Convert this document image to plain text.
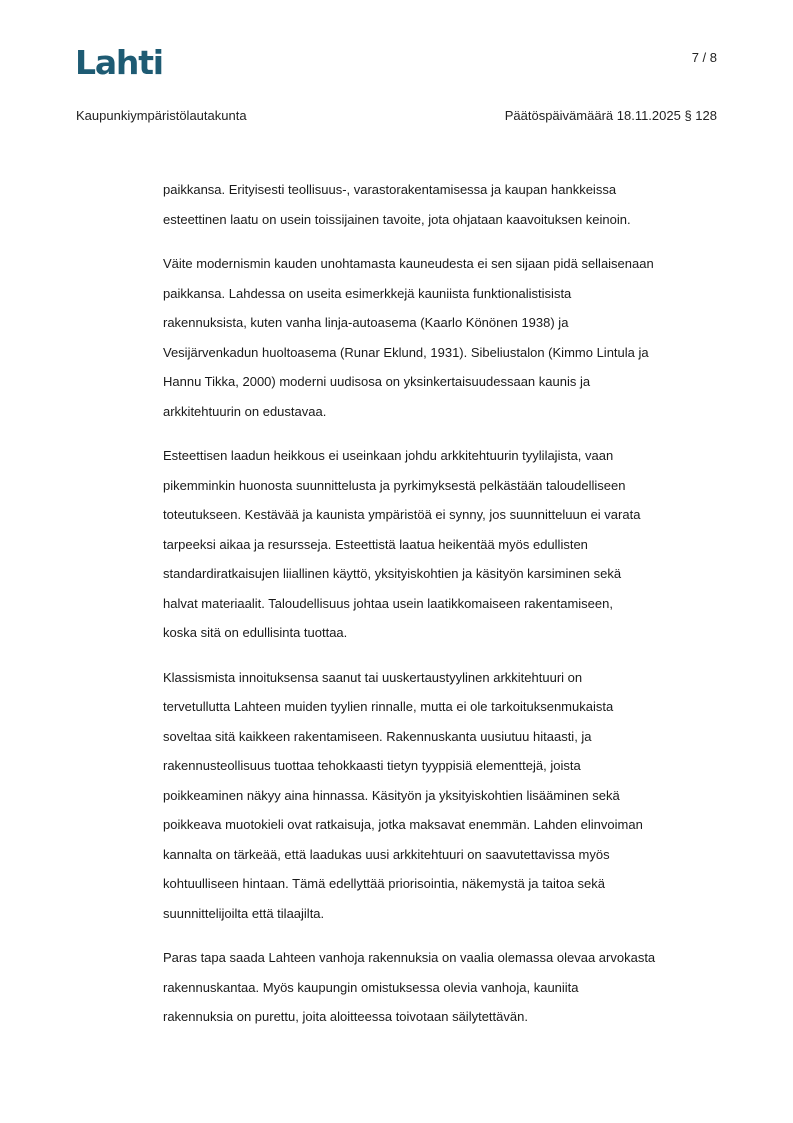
Lahti	7 / 8
Kaupunkiympäristölautakunta	Päätöspäivämäärä 18.11.2025 § 128

paikkansa. Erityisesti teollisuus-, varastorakentamisessa ja kaupan hankkeissa
esteettinen laatu on usein toissijainen tavoite, jota ohjataan kaavoituksen keinoin.

Väite modernismin kauden unohtamasta kauneudesta ei sen sijaan pidä sellaisenaan
paikkansa. Lahdessa on useita esimerkkejä kauniista funktionalistisista
rakennuksista, kuten vanha linja-autoasema (Kaarlo Könönen 1938) ja
Vesijärvenkadun huoltoasema (Runar Eklund, 1931). Sibeliustalon (Kimmo Lintula ja
Hannu Tikka, 2000) moderni uudisosa on yksinkertaisuudessaan kaunis ja
arkkitehtuurin on edustavaa.

Esteettisen laadun heikkous ei useinkaan johdu arkkitehtuurin tyylilajista, vaan
pikemminkin huonosta suunnittelusta ja pyrkimyksestä pelkästään taloudelliseen
toteutukseen. Kestävää ja kaunista ympäristöä ei synny, jos suunnitteluun ei varata
tarpeeksi aikaa ja resursseja. Esteettistä laatua heikentää myös edullisten
standardiratkaisujen liiallinen käyttö, yksityiskohtien ja käsityön karsiminen sekä
halvat materiaalit. Taloudellisuus johtaa usein laatikkomaiseen rakentamiseen,
koska sitä on edullisinta tuottaa.

Klassismista innoituksensa saanut tai uuskertaustyylinen arkkitehtuuri on
tervetullutta Lahteen muiden tyylien rinnalle, mutta ei ole tarkoituksenmukaista
soveltaa sitä kaikkeen rakentamiseen. Rakennuskanta uusiutuu hitaasti, ja
rakennusteollisuus tuottaa tehokkaasti tietyn tyyppisiä elementtejä, joista
poikkeaminen näkyy aina hinnassa. Käsityön ja yksityiskohtien lisääminen sekä
poikkeava muotokieli ovat ratkaisuja, jotka maksavat enemmän. Lahden elinvoiman
kannalta on tärkeää, että laadukas uusi arkkitehtuuri on saavutettavissa myös
kohtuulliseen hintaan. Tämä edellyttää priorisointia, näkemystä ja taitoa sekä
suunnittelijoilta että tilaajilta.

Paras tapa saada Lahteen vanhoja rakennuksia on vaalia olemassa olevaa arvokasta
rakennuskantaa. Myös kaupungin omistuksessa olevia vanhoja, kauniita
rakennuksia on purettu, joita aloitteessa toivotaan säilytettävän.
